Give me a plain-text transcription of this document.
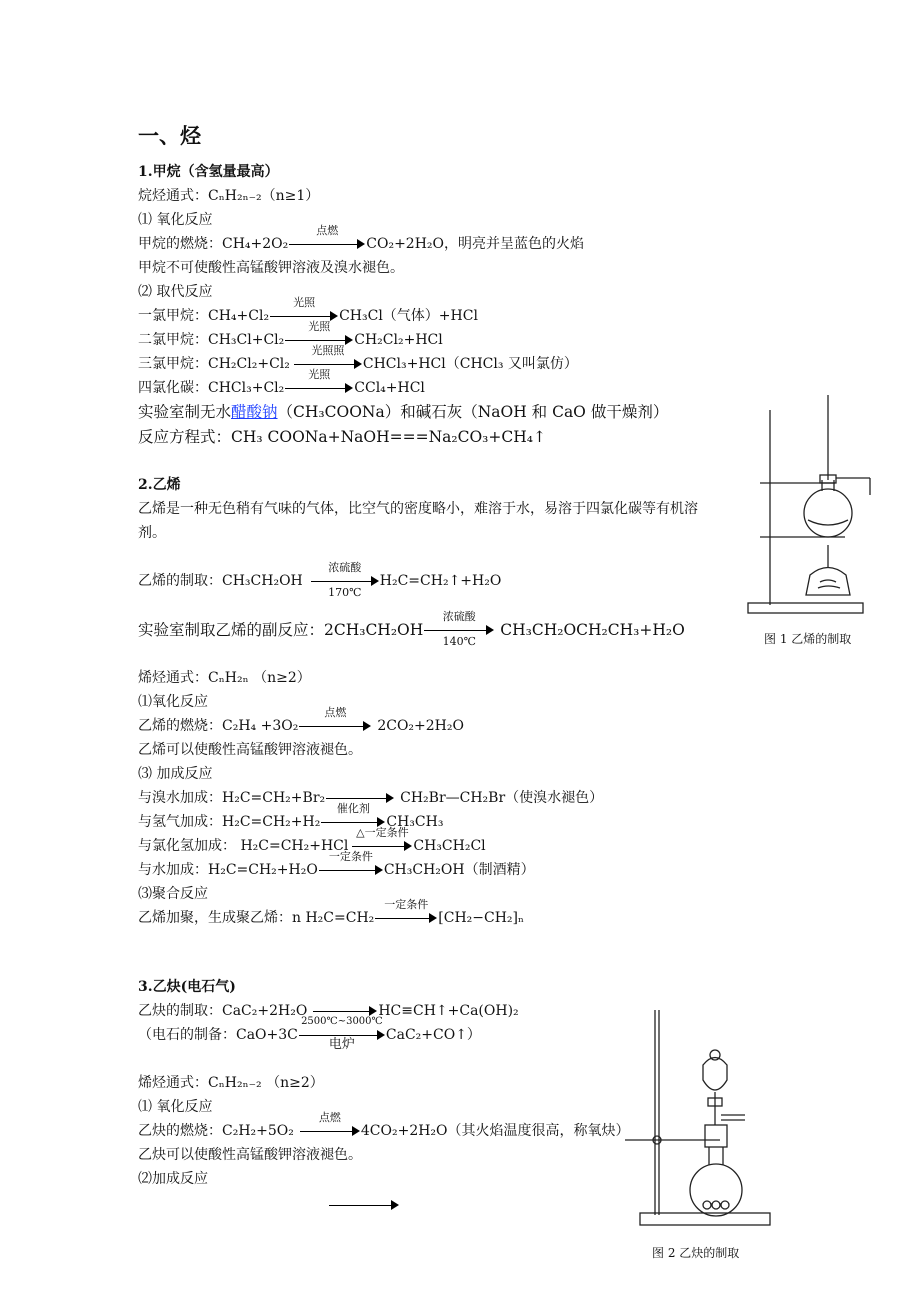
一、烃
1.甲烷（含氢量最高）
烷烃通式：CₙH₂ₙ₋₂（n≥1）
⑴ 氧化反应
甲烷的燃烧：CH₄+2O₂
点燃
CO₂+2H₂O，明亮并呈蓝色的火焰
甲烷不可使酸性高锰酸钾溶液及溴水褪色。
⑵ 取代反应
一氯甲烷：CH₄+Cl₂
光照
CH₃Cl（气体）+HCl
二氯甲烷：CH₃Cl+Cl₂
光照
CH₂Cl₂+HCl
三氯甲烷：CH₂Cl₂+Cl₂
光照照
CHCl₃+HCl（CHCl₃ 又叫氯仿）
四氯化碳：CHCl₃+Cl₂
光照
CCl₄+HCl
实验室制无水醋酸钠（CH₃COONa）和碱石灰（NaOH 和 CaO 做干燥剂）
反应方程式：CH₃ COONa+NaOH===Na₂CO₃+CH₄↑
2.乙烯
乙烯是一种无色稍有气味的气体，比空气的密度略小，难溶于水，易溶于四氯化碳等有机溶
剂。
乙烯的制取：CH₃CH₂OH
浓硫酸
170℃
H₂C=CH₂↑+H₂O
实验室制取乙烯的副反应：2CH₃CH₂OH
浓硫酸
140℃
CH₃CH₂OCH₂CH₃+H₂O
烯烃通式：CₙH₂ₙ （n≥2）
⑴氧化反应
乙烯的燃烧：C₂H₄ +3O₂
点燃
2CO₂+2H₂O
乙烯可以使酸性高锰酸钾溶液褪色。
⑶ 加成反应
与溴水加成：H₂C=CH₂+Br₂	CH₂Br—CH₂Br（使溴水褪色）
与氢气加成：H₂C=CH₂+H₂
催化剂
CH₃CH₃
与氯化氢加成： H₂C=CH₂+HCl
△一定条件
CH₃CH₂Cl
与水加成：H₂C=CH₂+H₂O
一定条件
CH₃CH₂OH（制酒精）
⑶聚合反应
乙烯加聚，生成聚乙烯：n H₂C=CH₂
一定条件
[CH₂−CH₂]ₙ
3.乙炔(电石气)
乙炔的制取：CaC₂+2H₂O	HC≡CH↑+Ca(OH)₂
（电石的制备：CaO+3C
2500℃~3000℃
电炉
CaC₂+CO↑）
烯烃通式：CₙH₂ₙ₋₂ （n≥2）
⑴ 氧化反应
乙炔的燃烧：C₂H₂+5O₂
点燃
4CO₂+2H₂O（其火焰温度很高，称氧炔）
乙炔可以使酸性高锰酸钾溶液褪色。
⑵加成反应
图 1 乙烯的制取
图 2 乙炔的制取
